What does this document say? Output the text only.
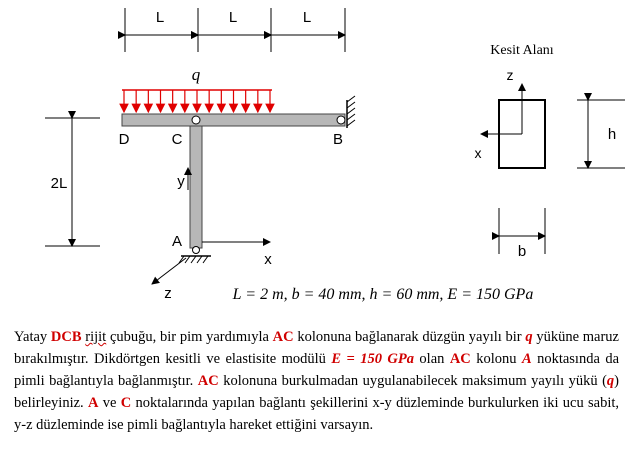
L	L	L
q
D	C	B
A
y
x
z
2L
L = 2 m, b = 40 mm, h = 60 mm, E = 150 GPa
Kesit Alanı
z
x
h
b
Yatay DCB rijit çubuğu, bir pim yardımıyla AC kolonuna bağlanarak düzgün yayılı bir q yüküne maruz bırakılmıştır. Dikdörtgen kesitli ve elastisite modülü E = 150 GPa olan AC kolonu A noktasında da pimli bağlantıyla bağlanmıştır. AC kolonuna burkulmadan uygulanabilecek maksimum yayılı yükü (q) belirleyiniz. A ve C noktalarında yapılan bağlantı şekillerini x-y düzleminde burkulurken iki ucu sabit, y-z düzleminde ise pimli bağlantıyla hareket ettiğini varsayın.
